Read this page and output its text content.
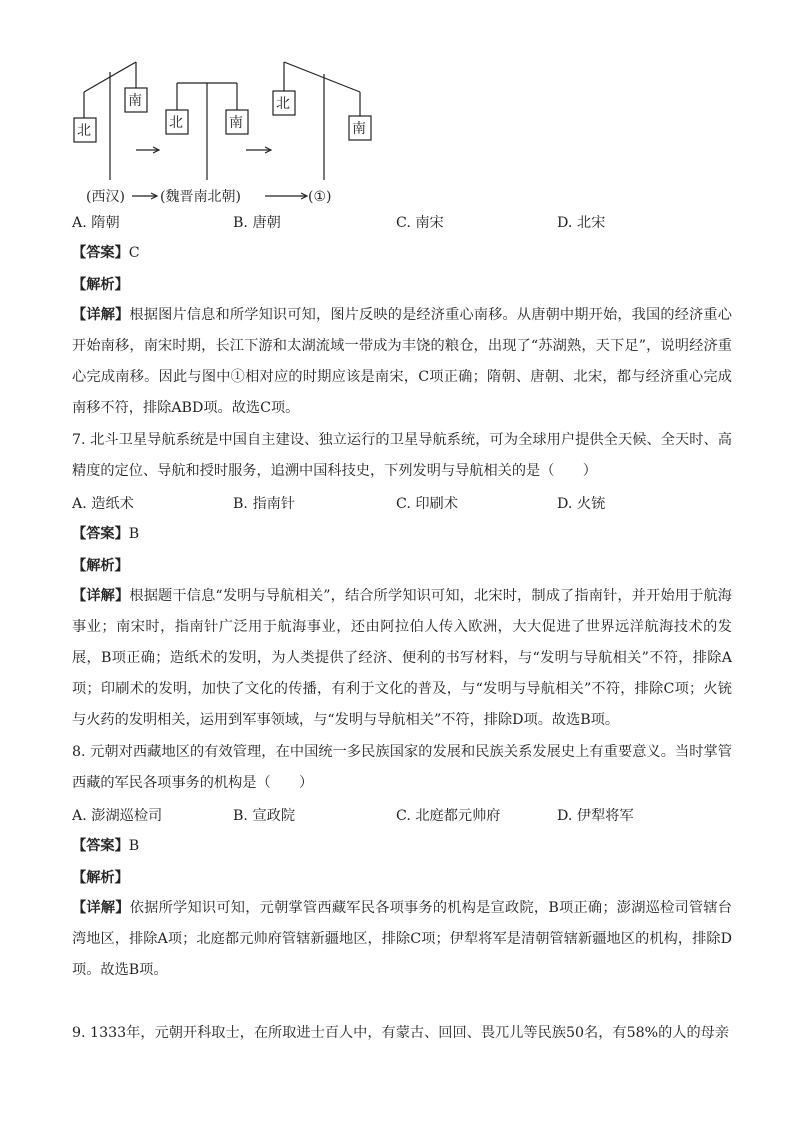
北
南
北	南
北
南
(西汉)	(魏晋南北朝)	(①)
A. 隋朝	B. 唐朝	C. 南宋	D. 北宋
【答案】C
【解析】
【详解】根据图片信息和所学知识可知，图片反映的是经济重心南移。从唐朝中期开始，我国的经济重心开始南移，南宋时期，长江下游和太湖流域一带成为丰饶的粮仓，出现了“苏湖熟，天下足”，说明经济重心完成南移。因此与图中①相对应的时期应该是南宋，C项正确；隋朝、唐朝、北宋，都与经济重心完成南移不符，排除ABD项。故选C项。
7. 北斗卫星导航系统是中国自主建设、独立运行的卫星导航系统，可为全球用户提供全天候、全天时、高精度的定位、导航和授时服务，追溯中国科技史，下列发明与导航相关的是（　　）
A. 造纸术	B. 指南针	C. 印刷术	D. 火铳
【答案】B
【解析】
【详解】根据题干信息“发明与导航相关”，结合所学知识可知，北宋时，制成了指南针，并开始用于航海事业；南宋时，指南针广泛用于航海事业，还由阿拉伯人传入欧洲，大大促进了世界远洋航海技术的发展，B项正确；造纸术的发明，为人类提供了经济、便利的书写材料，与“发明与导航相关”不符，排除A项；印刷术的发明，加快了文化的传播，有利于文化的普及，与“发明与导航相关”不符，排除C项；火铳与火药的发明相关，运用到军事领域，与“发明与导航相关”不符，排除D项。故选B项。
8. 元朝对西藏地区的有效管理，在中国统一多民族国家的发展和民族关系发展史上有重要意义。当时掌管西藏的军民各项事务的机构是（　　）
A. 澎湖巡检司	B. 宣政院	C. 北庭都元帅府	D. 伊犁将军
【答案】B
【解析】
【详解】依据所学知识可知，元朝掌管西藏军民各项事务的机构是宣政院，B项正确；澎湖巡检司管辖台湾地区，排除A项；北庭都元帅府管辖新疆地区，排除C项；伊犁将军是清朝管辖新疆地区的机构，排除D项。故选B项。
9. 1333年，元朝开科取士，在所取进士百人中，有蒙古、回回、畏兀儿等民族50名，有58%的人的母亲
